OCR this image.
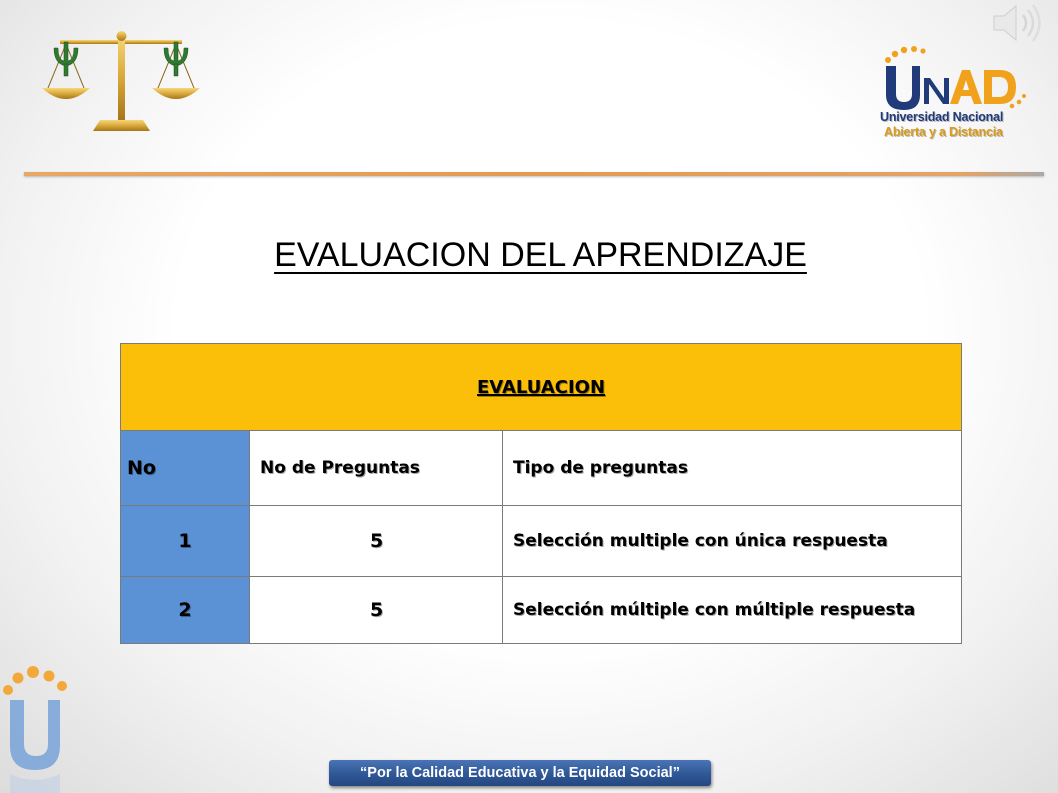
Universidad Nacional
Abierta y a Distancia
EVALUACION DEL APRENDIZAJE
EVALUACION		
No	No de Preguntas	Tipo de preguntas
1	5	Selección multiple con única respuesta
2	5	Selección múltiple con múltiple respuesta
“Por la Calidad Educativa y la Equidad Social”
